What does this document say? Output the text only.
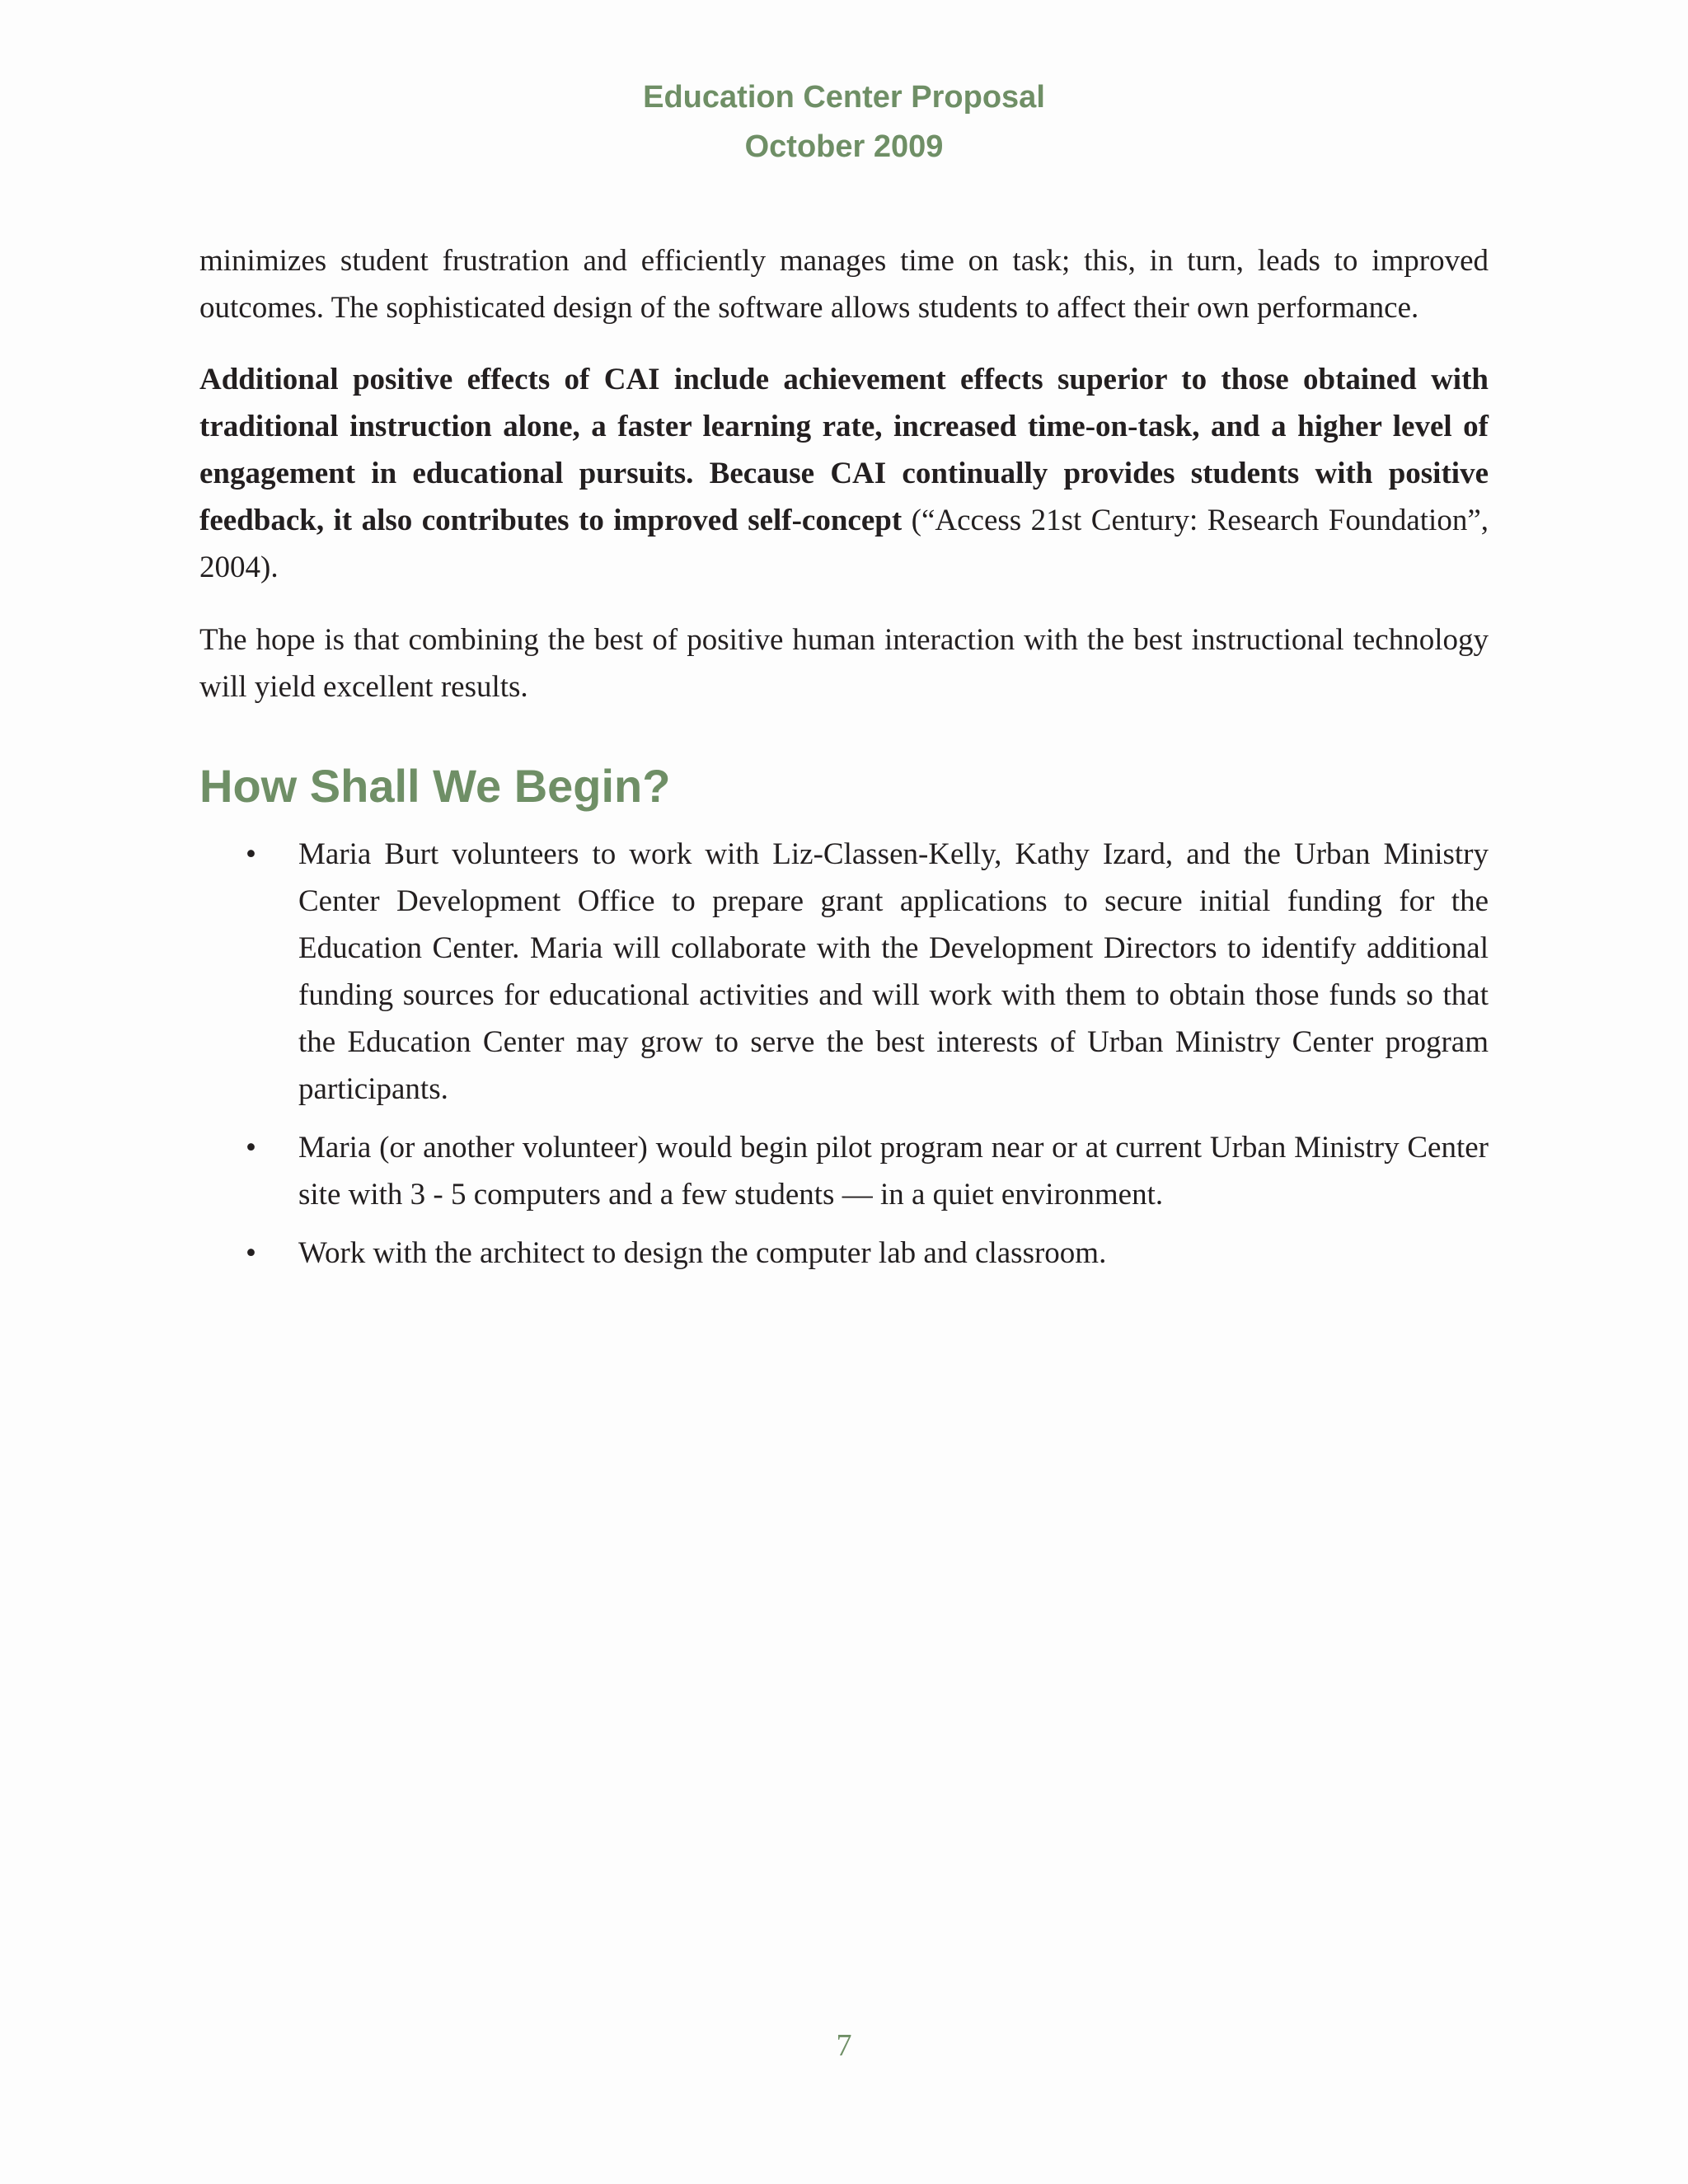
Education Center Proposal
October 2009

minimizes student frustration and efficiently manages time on task; this, in turn, leads to improved outcomes. The sophisticated design of the software allows students to affect their own performance.

Additional positive effects of CAI include achievement effects superior to those obtained with traditional instruction alone, a faster learning rate, increased time-on-task, and a higher level of engagement in educational pursuits. Because CAI continually provides students with positive feedback, it also contributes to improved self-concept (“Access 21st Century: Research Foundation”, 2004).

The hope is that combining the best of positive human interaction with the best instructional technology will yield excellent results.

How Shall We Begin?
• Maria Burt volunteers to work with Liz-Classen-Kelly, Kathy Izard, and the Urban Ministry Center Development Office to prepare grant applications to secure initial funding for the Education Center. Maria will collaborate with the Development Directors to identify additional funding sources for educational activities and will work with them to obtain those funds so that the Education Center may grow to serve the best interests of Urban Ministry Center program participants.
• Maria (or another volunteer) would begin pilot program near or at current Urban Ministry Center site with 3 - 5 computers and a few students — in a quiet environment.
• Work with the architect to design the computer lab and classroom.
7
